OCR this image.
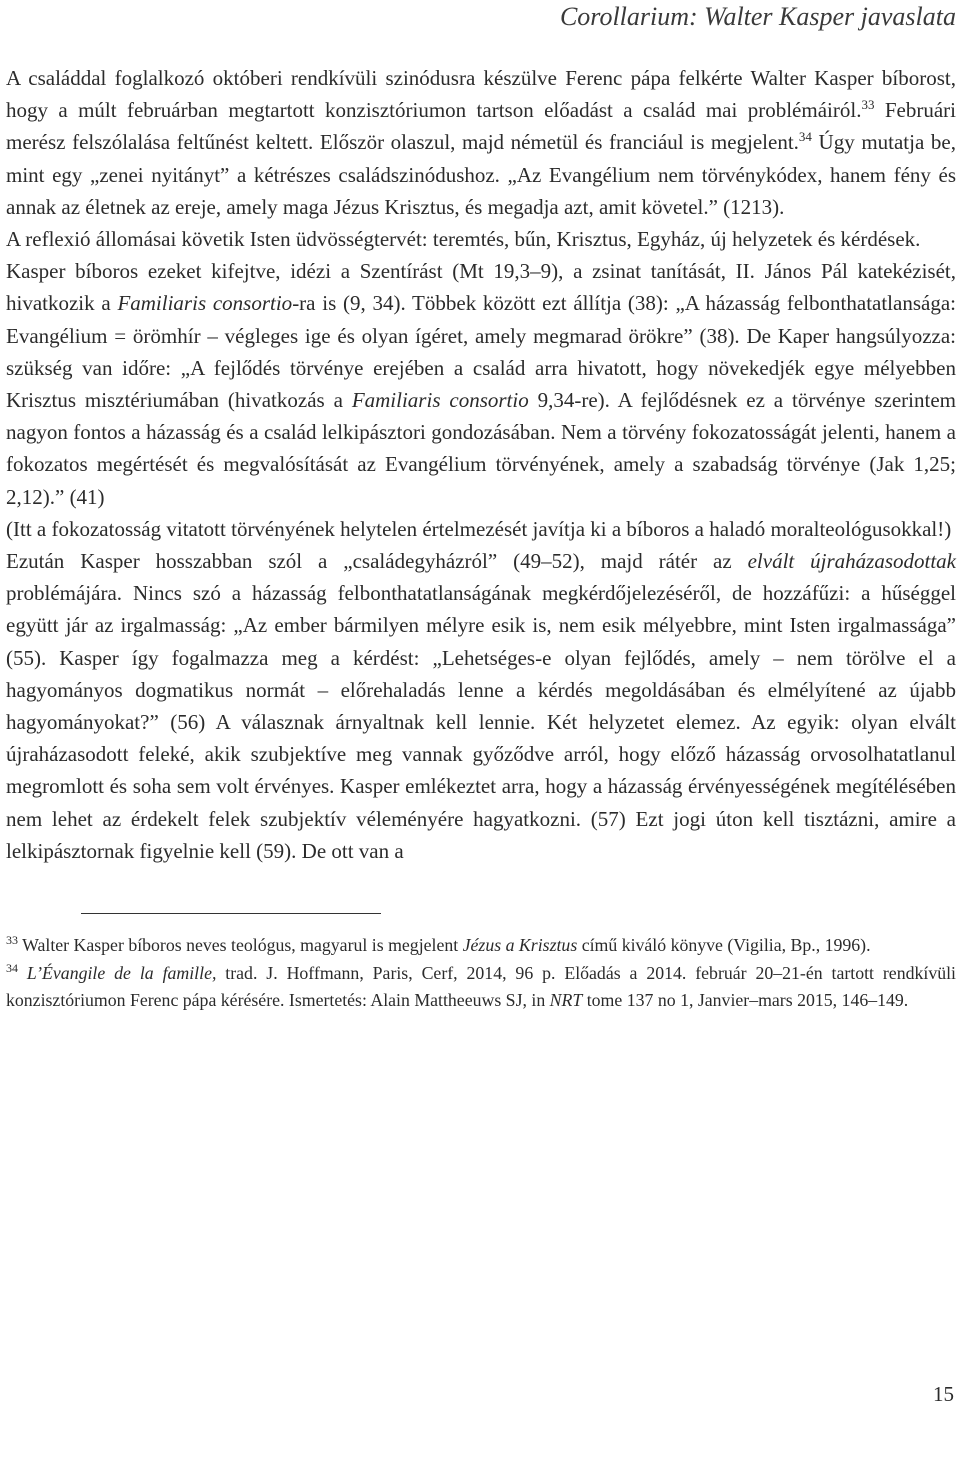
Corollarium: Walter Kasper javaslata

A családdal foglalkozó októberi rendkívüli szinódusra készülve Ferenc pápa felkérte Walter Kasper bíborost, hogy a múlt februárban megtartott konzisztóriumon tartson előadást a család mai problémáiról.$^{33}$ Februári merész felszólalása feltűnést keltett. Először olaszul, majd németül és franciául is megjelent.$^{34}$ Úgy mutatja be, mint egy „zenei nyitányt” a kétrészes családszinódushoz. „Az Evangélium nem törvénykódex, hanem fény és annak az életnek az ereje, amely maga Jézus Krisztus, és megadja azt, amit követel.” (1213).

A reflexió állomásai követik Isten üdvösségtervét: teremtés, bűn, Krisztus, Egyház, új helyzetek és kérdések.

Kasper bíboros ezeket kifejtve, idézi a Szentírást (Mt 19,3–9), a zsinat tanítását, II. János Pál katekézisét, hivatkozik a Familiaris consortio-ra is (9, 34). Többek között ezt állítja (38): „A házasság felbonthatatlansága: Evangélium = örömhír – végleges ige és olyan ígéret, amely megmarad örökre” (38). De Kaper hangsúlyozza: szükség van időre: „A fejlődés törvénye erejében a család arra hivatott, hogy növekedjék egye mélyebben Krisztus misztériumában (hivatkozás a Familiaris consortio 9,34-re). A fejlődésnek ez a törvénye szerintem nagyon fontos a házasság és a család lelkipásztori gondozásában. Nem a törvény fokozatosságát jelenti, hanem a fokozatos megértését és megvalósítását az Evangélium törvényének, amely a szabadság törvénye (Jak 1,25; 2,12).” (41)

(Itt a fokozatosság vitatott törvényének helytelen értelmezését javítja ki a bíboros a haladó moralteológusokkal!)

Ezután Kasper hosszabban szól a „családegyházról” (49–52), majd rátér az elvált újraházasodottak problémájára. Nincs szó a házasság felbonthatatlanságának megkérdőjelezéséről, de hozzáfűzi: a hűséggel együtt jár az irgalmasság: „Az ember bármilyen mélyre esik is, nem esik mélyebbre, mint Isten irgalmassága” (55). Kasper így fogalmazza meg a kérdést: „Lehetséges-e olyan fejlődés, amely – nem törölve el a hagyományos dogmatikus normát – előrehaladás lenne a kérdés megoldásában és elmélyítené az újabb hagyományokat?” (56) A válasznak árnyaltnak kell lennie. Két helyzetet elemez. Az egyik: olyan elvált újraházasodott feleké, akik szubjektíve meg vannak győződve arról, hogy előző házasság orvosolhatatlanul megromlott és soha sem volt érvényes. Kasper emlékeztet arra, hogy a házasság érvényességének megítélésében nem lehet az érdekelt felek szubjektív véleményére hagyatkozni. (57) Ezt jogi úton kell tisztázni, amire a lelkipásztornak figyelnie kell (59). De ott van a

$^{33}$ Walter Kasper bíboros neves teológus, magyarul is megjelent Jézus a Krisztus című kiváló könyve (Vigilia, Bp., 1996).

$^{34}$ L’Évangile de la famille, trad. J. Hoffmann, Paris, Cerf, 2014, 96 p. Előadás a 2014. február 20–21-én tartott rendkívüli konzisztóriumon Ferenc pápa kérésére. Ismertetés: Alain Mattheeuws SJ, in NRT tome 137 no 1, Janvier–mars 2015, 146–149.

15
